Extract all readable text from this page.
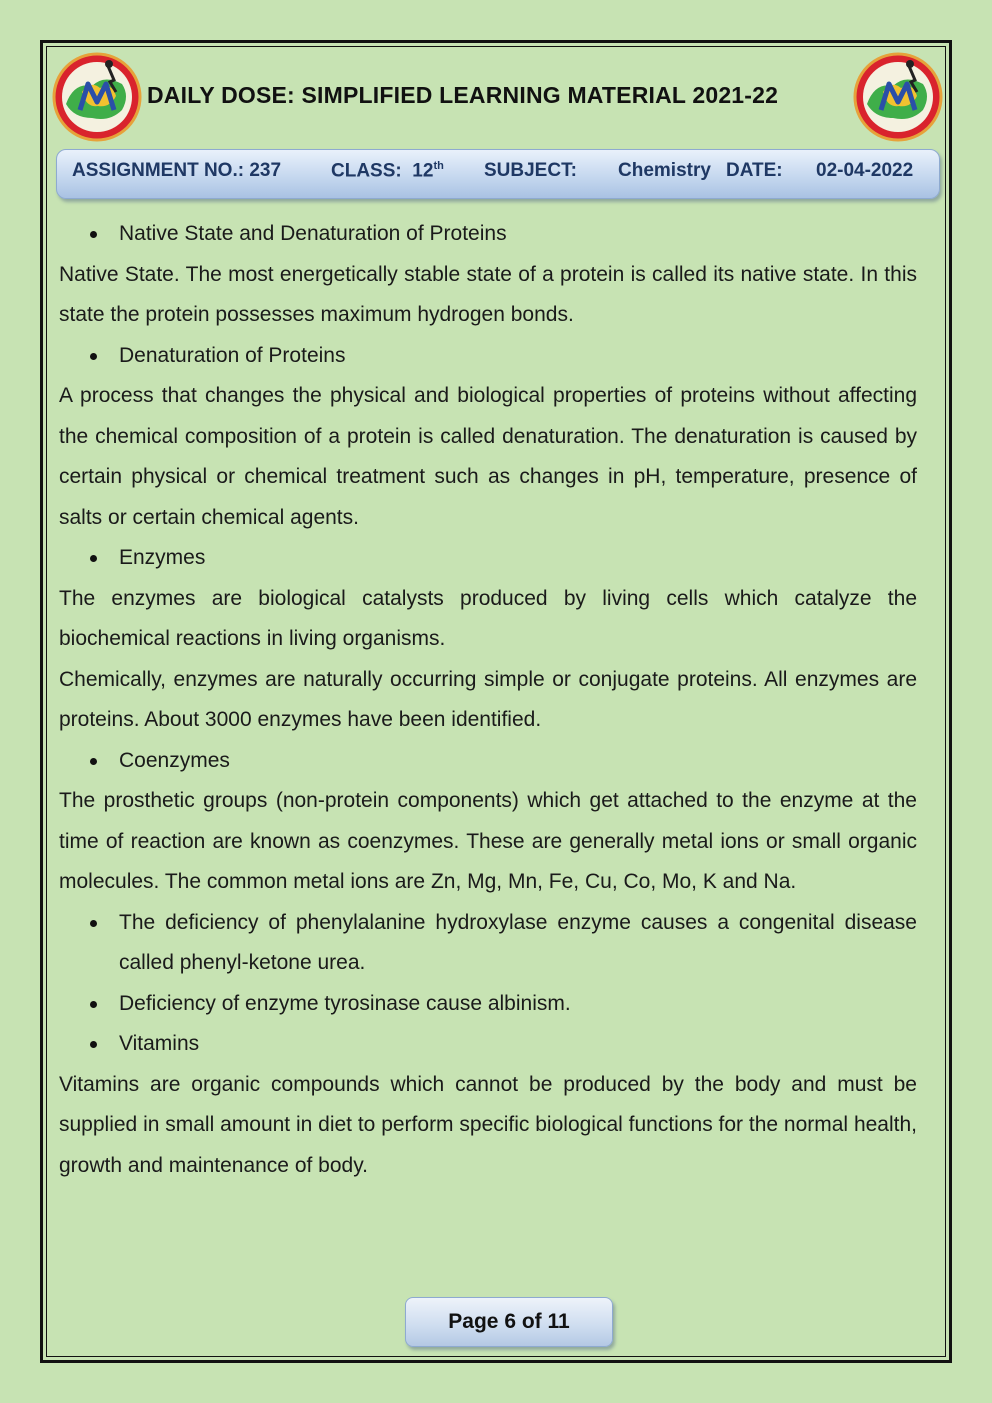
DAILY DOSE: SIMPLIFIED LEARNING MATERIAL 2021-22
ASSIGNMENT NO.: 237	CLASS: 12th SUBJECT: Chemistry DATE: 02-04-2022
Native State and Denaturation of Proteins

Native State. The most energetically stable state of a protein is called its native state. In this state the protein possesses maximum hydrogen bonds.

Denaturation of Proteins

A process that changes the physical and biological properties of proteins without affecting the chemical composition of a protein is called denaturation. The denaturation is caused by certain physical or chemical treatment such as changes in pH, temperature, presence of salts or certain chemical agents.

Enzymes

The enzymes are biological catalysts produced by living cells which catalyze the biochemical reactions in living organisms.

Chemically, enzymes are naturally occurring simple or conjugate proteins. All enzymes are proteins. About 3000 enzymes have been identified.

Coenzymes

The prosthetic groups (non-protein components) which get attached to the enzyme at the time of reaction are known as coenzymes. These are generally metal ions or small organic molecules. The common metal ions are Zn, Mg, Mn, Fe, Cu, Co, Mo, K and Na.

The deficiency of phenylalanine hydroxylase enzyme causes a congenital disease called phenyl-ketone urea.
Deficiency of enzyme tyrosinase cause albinism.
Vitamins

Vitamins are organic compounds which cannot be produced by the body and must be supplied in small amount in diet to perform specific biological functions for the normal health, growth and maintenance of body.

Page 6 of 11
